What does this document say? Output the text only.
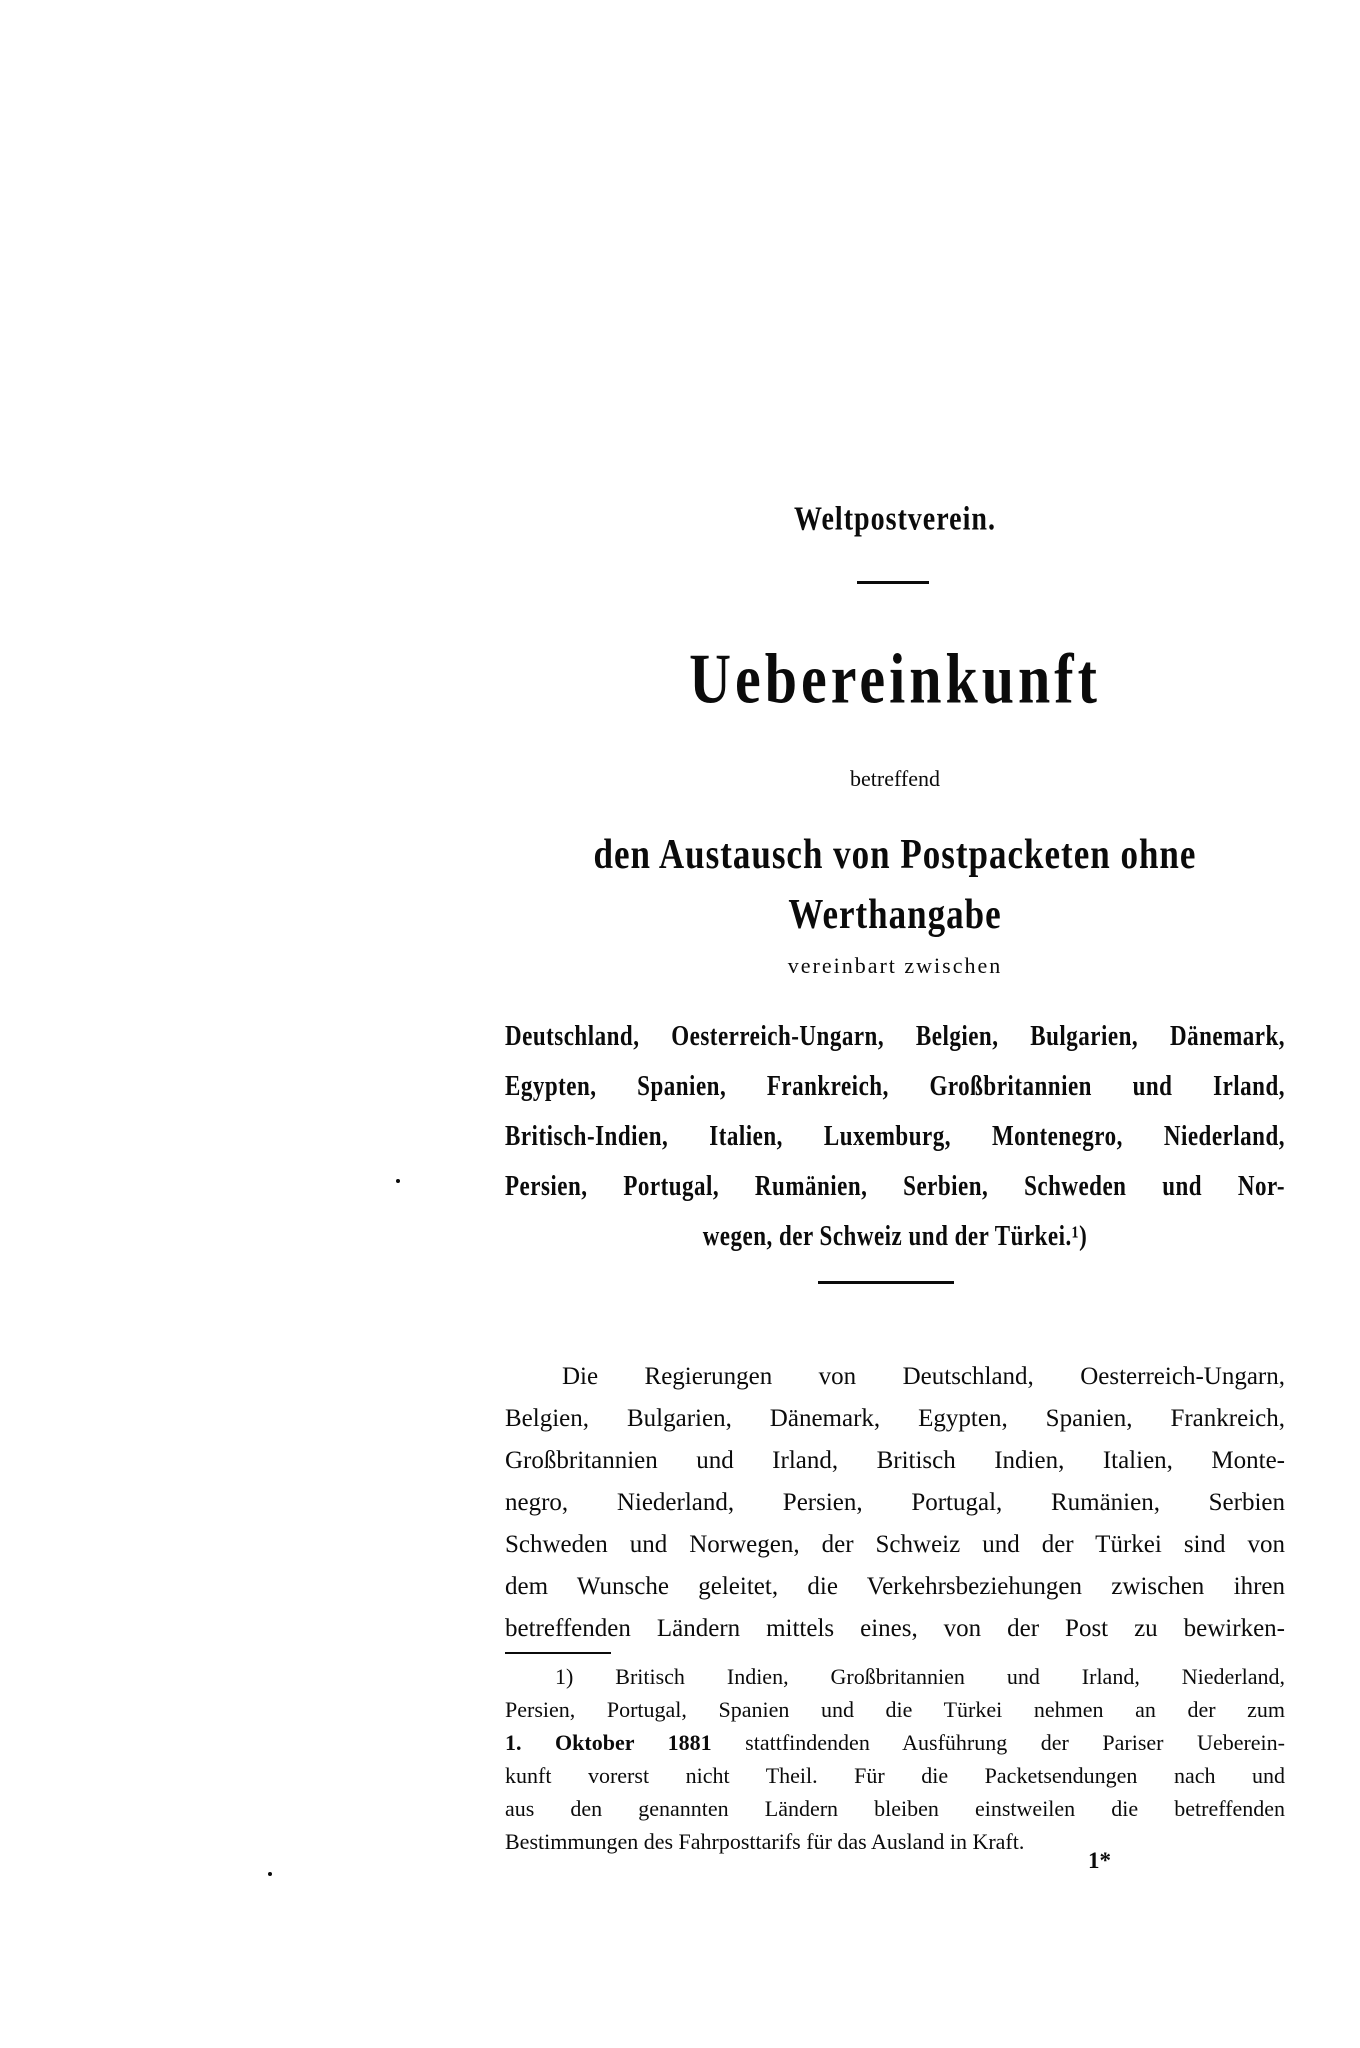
Weltpostverein.
Uebereinkunft
betreffend
den Austausch von Postpacketen ohne
Werthangabe
vereinbart zwischen
Deutschland, Oesterreich-Ungarn, Belgien, Bulgarien, Dänemark,
Egypten, Spanien, Frankreich, Großbritannien und Irland,
Britisch-Indien, Italien, Luxemburg, Montenegro, Niederland,
Persien, Portugal, Rumänien, Serbien, Schweden und Nor-
wegen, der Schweiz und der Türkei.¹)
Die Regierungen von Deutschland, Oesterreich-Ungarn,
Belgien, Bulgarien, Dänemark, Egypten, Spanien, Frankreich,
Großbritannien und Irland, Britisch Indien, Italien, Monte-
negro, Niederland, Persien, Portugal, Rumänien, Serbien
Schweden und Norwegen, der Schweiz und der Türkei sind von
dem Wunsche geleitet, die Verkehrsbeziehungen zwischen ihren
betreffenden Ländern mittels eines, von der Post zu bewirken-
1) Britisch Indien, Großbritannien und Irland, Niederland,
Persien, Portugal, Spanien und die Türkei nehmen an der zum
1. Oktober 1881 stattfindenden Ausführung der Pariser Ueberein-
kunft vorerst nicht Theil. Für die Packetsendungen nach und
aus den genannten Ländern bleiben einstweilen die betreffenden
Bestimmungen des Fahrposttarifs für das Ausland in Kraft.
1*
